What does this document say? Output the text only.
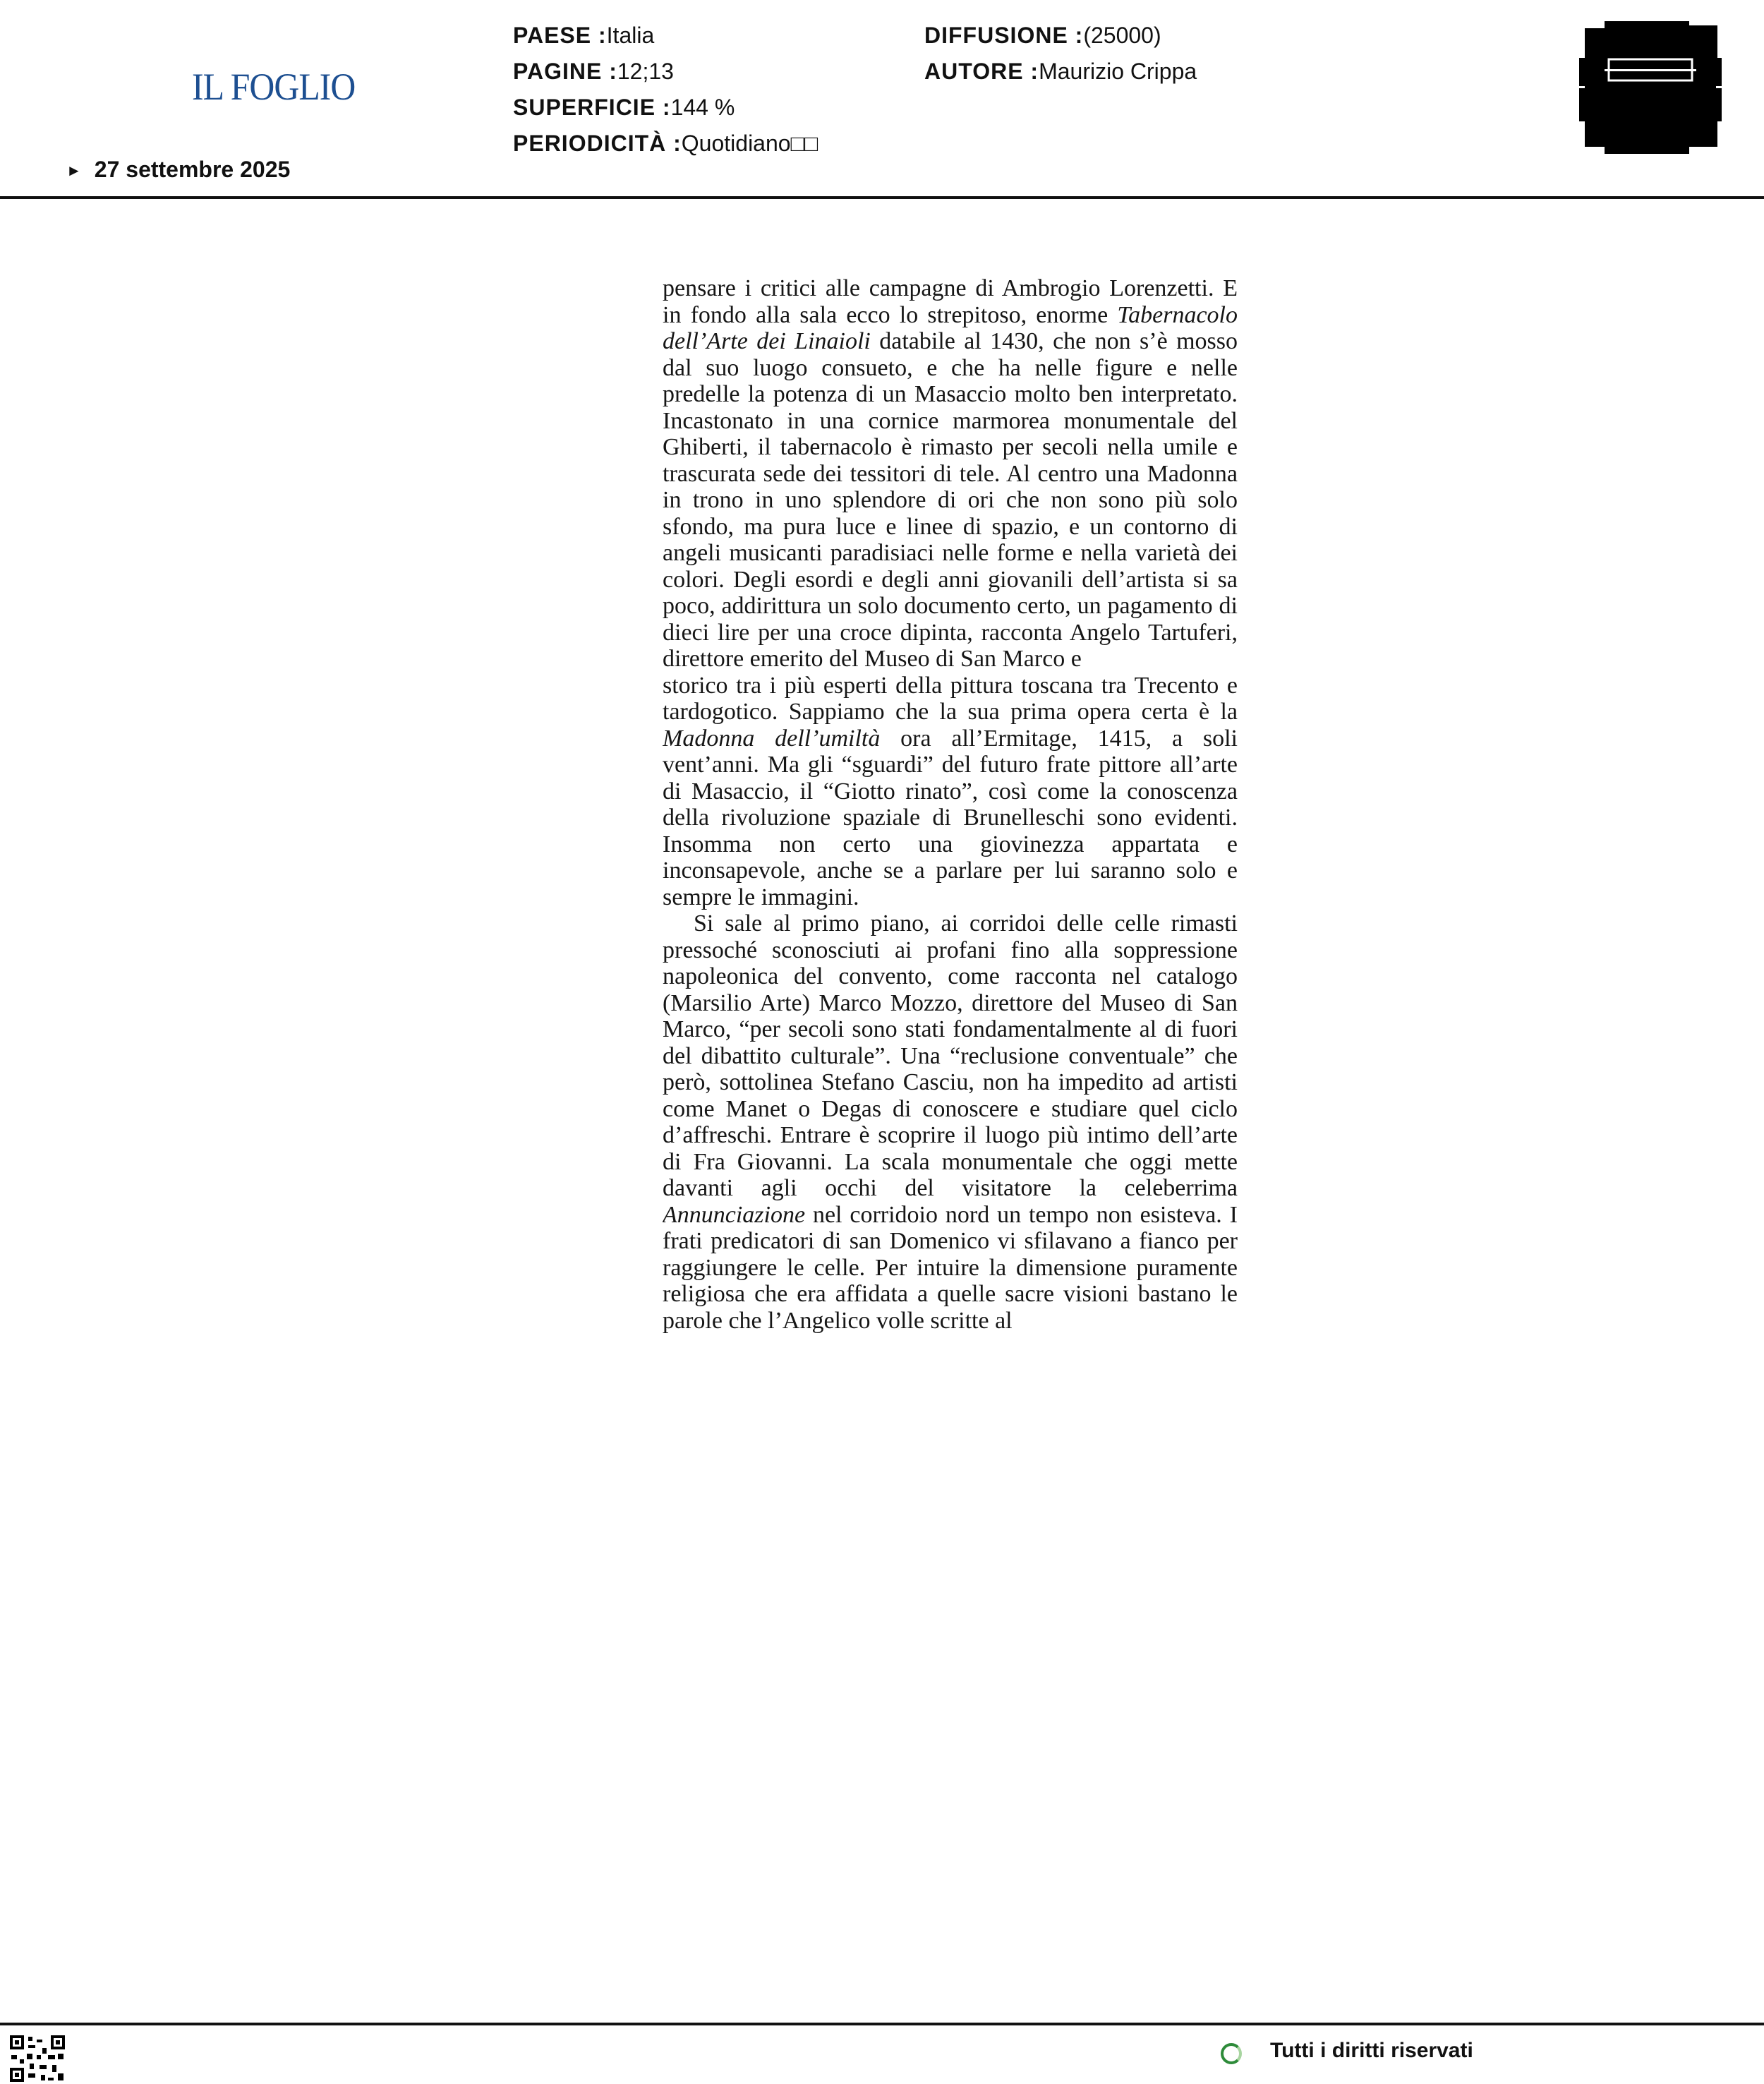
IL FOGLIO
► 27 settembre 2025
PAESE :Italia
PAGINE :12;13
SUPERFICIE :144 %
PERIODICITÀ :Quotidiano□□
DIFFUSIONE :(25000)
AUTORE :Maurizio Crippa

pensare i critici alle campagne di Ambrogio Lorenzetti. E in fondo alla sala ecco lo strepitoso, enorme Tabernacolo dell’Arte dei Linaioli databile al 1430, che non s’è mosso dal suo luogo consueto, e che ha nelle figure e nelle predelle la potenza di un Masaccio molto ben interpretato. Incastonato in una cornice marmorea monumentale del Ghiberti, il tabernacolo è rimasto per secoli nella umile e trascurata sede dei tessitori di tele. Al centro una Madonna in trono in uno splendore di ori che non sono più solo sfondo, ma pura luce e linee di spazio, e un contorno di angeli musicanti paradisiaci nelle forme e nella varietà dei colori. Degli esordi e degli anni giovanili dell’artista si sa poco, addirittura un solo documento certo, un pagamento di dieci lire per una croce dipinta, racconta Angelo Tartuferi, direttore emerito del Museo di San Marco e
storico tra i più esperti della pittura toscana tra Trecento e tardogotico. Sappiamo che la sua prima opera certa è la Madonna dell’umiltà ora all’Ermitage, 1415, a soli vent’anni. Ma gli “sguardi” del futuro frate pittore all’arte di Masaccio, il “Giotto rinato”, così come la conoscenza della rivoluzione spaziale di Brunelleschi sono evidenti. Insomma non certo una giovinezza appartata e inconsapevole, anche se a parlare per lui saranno solo e sempre le immagini.

Si sale al primo piano, ai corridoi delle celle rimasti pressoché sconosciuti ai profani fino alla soppressione napoleonica del convento, come racconta nel catalogo (Marsilio Arte) Marco Mozzo, direttore del Museo di San Marco, “per secoli sono stati fondamentalmente al di fuori del dibattito culturale”. Una “reclusione conventuale” che però, sottolinea Stefano Casciu, non ha impedito ad artisti come Manet o Degas di conoscere e studiare quel ciclo d’affreschi. Entrare è scoprire il luogo più intimo dell’arte di Fra Giovanni. La scala monumentale che oggi mette davanti agli occhi del visitatore la celeberrima Annunciazione nel corridoio nord un tempo non esisteva. I frati predicatori di san Domenico vi sfilavano a fianco per raggiungere le celle. Per intuire la dimensione puramente religiosa che era affidata a quelle sacre visioni bastano le parole che l’Angelico volle scritte al

Tutti i diritti riservati
